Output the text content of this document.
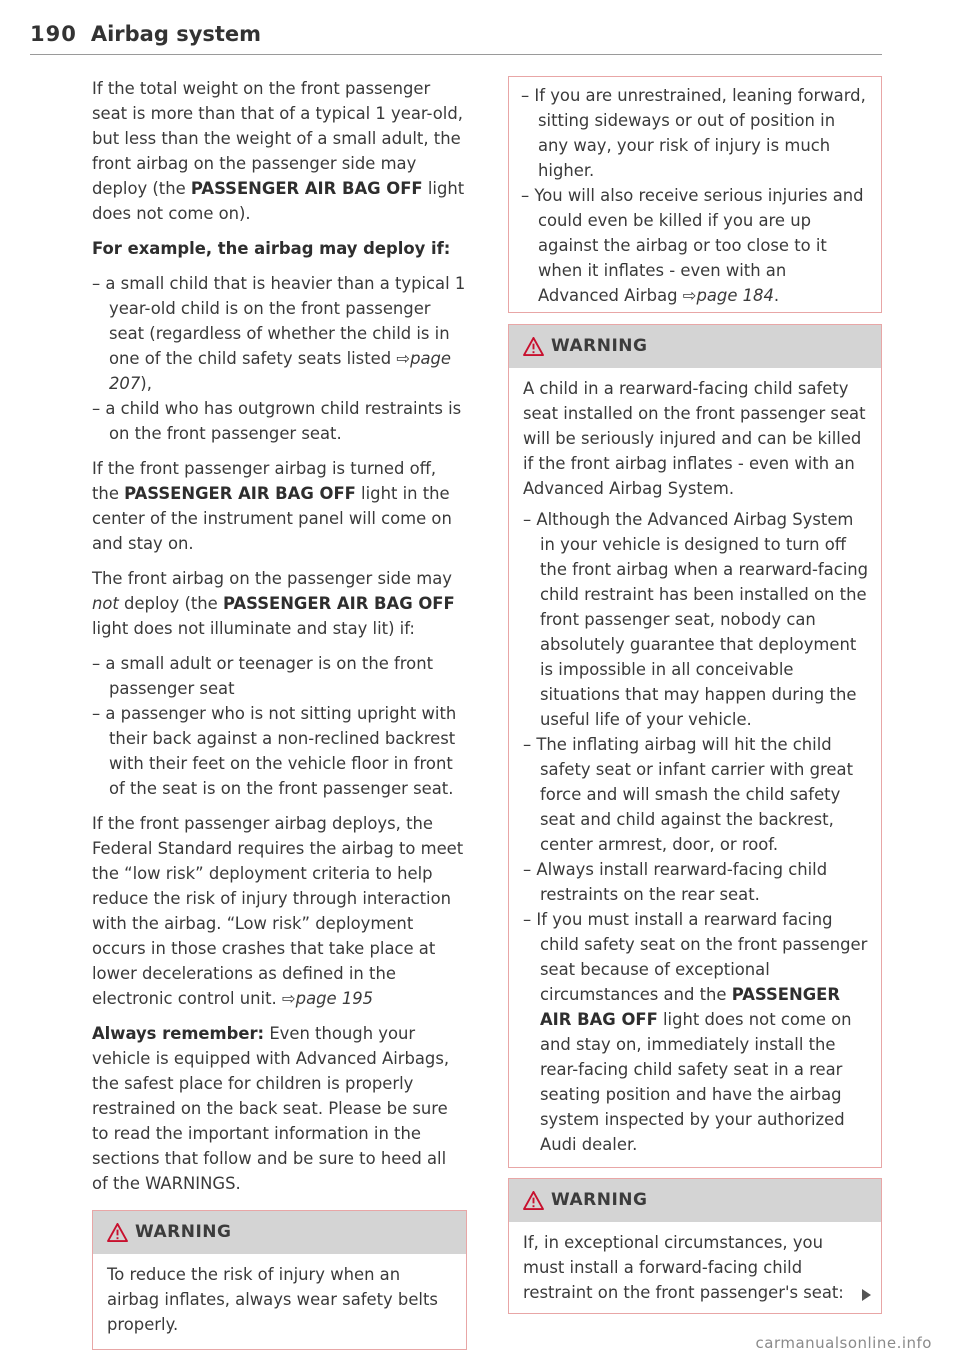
190 Airbag system

If the total weight on the front passenger seat is more than that of a typical 1 year-old, but less than the weight of a small adult, the front airbag on the passenger side may deploy (the PASSENGER AIR BAG OFF light does not come on).

For example, the airbag may deploy if:

– a small child that is heavier than a typical 1 year-old child is on the front passenger seat (regardless of whether the child is in one of the child safety seats listed ⇨page 207),
– a child who has outgrown child restraints is on the front passenger seat.

If the front passenger airbag is turned off, the PASSENGER AIR BAG OFF light in the center of the instrument panel will come on and stay on.

The front airbag on the passenger side may not deploy (the PASSENGER AIR BAG OFF light does not illuminate and stay lit) if:

– a small adult or teenager is on the front passenger seat
– a passenger who is not sitting upright with their back against a non-reclined backrest with their feet on the vehicle floor in front of the seat is on the front passenger seat.

If the front passenger airbag deploys, the Federal Standard requires the airbag to meet the “low risk” deployment criteria to help reduce the risk of injury through interaction with the airbag. “Low risk” deployment occurs in those crashes that take place at lower decelerations as defined in the electronic control unit. ⇨page 195

Always remember: Even though your vehicle is equipped with Advanced Airbags, the safest place for children is properly restrained on the back seat. Please be sure to read the important information in the sections that follow and be sure to heed all of the WARNINGS.

WARNING

To reduce the risk of injury when an airbag inflates, always wear safety belts properly.

– If you are unrestrained, leaning forward, sitting sideways or out of position in any way, your risk of injury is much higher.
– You will also receive serious injuries and could even be killed if you are up against the airbag or too close to it when it inflates - even with an Advanced Airbag ⇨page 184.
WARNING

A child in a rearward-facing child safety seat installed on the front passenger seat will be seriously injured and can be killed if the front airbag inflates - even with an Advanced Airbag System.

– Although the Advanced Airbag System in your vehicle is designed to turn off the front airbag when a rearward-facing child restraint has been installed on the front passenger seat, nobody can absolutely guarantee that deployment is impossible in all conceivable situations that may happen during the useful life of your vehicle.
– The inflating airbag will hit the child safety seat or infant carrier with great force and will smash the child safety seat and child against the backrest, center armrest, door, or roof.
– Always install rearward-facing child restraints on the rear seat.
– If you must install a rearward facing child safety seat on the front passenger seat because of exceptional circumstances and the PASSENGER AIR BAG OFF light does not come on and stay on, immediately install the rear-facing child safety seat in a rear seating position and have the airbag system inspected by your authorized Audi dealer.
WARNING

If, in exceptional circumstances, you must install a forward-facing child restraint on the front passenger's seat:

carmanualsonline.info
